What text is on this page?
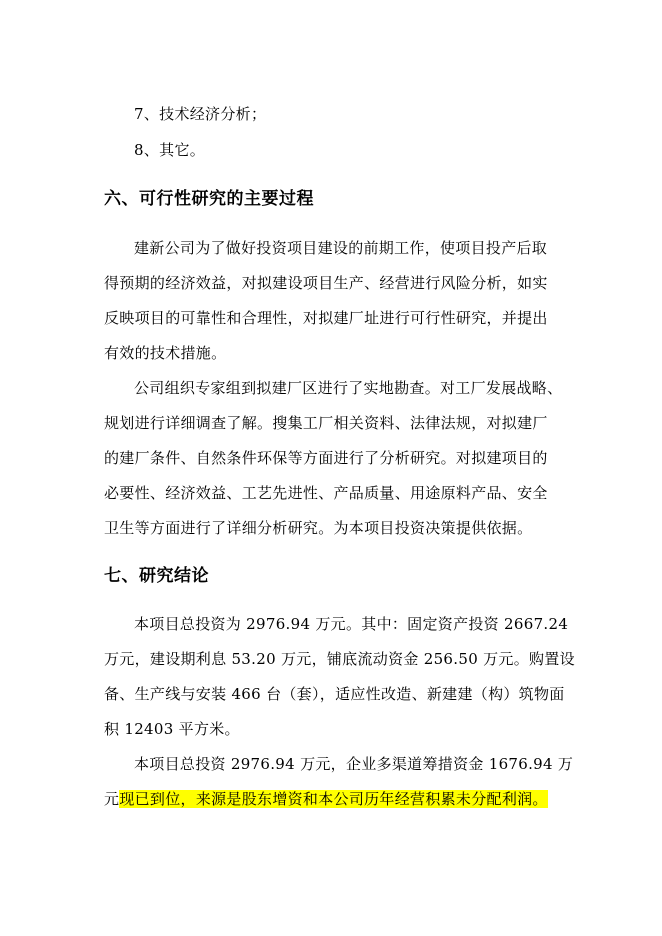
7、技术经济分析；
8、其它。
六、可行性研究的主要过程
建新公司为了做好投资项目建设的前期工作，使项目投产后取
得预期的经济效益，对拟建设项目生产、经营进行风险分析，如实
反映项目的可靠性和合理性，对拟建厂址进行可行性研究，并提出
有效的技术措施。
公司组织专家组到拟建厂区进行了实地勘查。对工厂发展战略、
规划进行详细调查了解。搜集工厂相关资料、法律法规，对拟建厂
的建厂条件、自然条件环保等方面进行了分析研究。对拟建项目的
必要性、经济效益、工艺先进性、产品质量、用途原料产品、安全
卫生等方面进行了详细分析研究。为本项目投资决策提供依据。
七、研究结论
本项目总投资为 2976.94 万元。其中：固定资产投资 2667.24
万元，建设期利息 53.20 万元，铺底流动资金 256.50 万元。购置设
备、生产线与安装 466 台（套），适应性改造、新建建（构）筑物面
积 12403 平方米。
本项目总投资 2976.94 万元，企业多渠道筹措资金 1676.94 万
元现已到位，来源是股东增资和本公司历年经营积累未分配利润。
